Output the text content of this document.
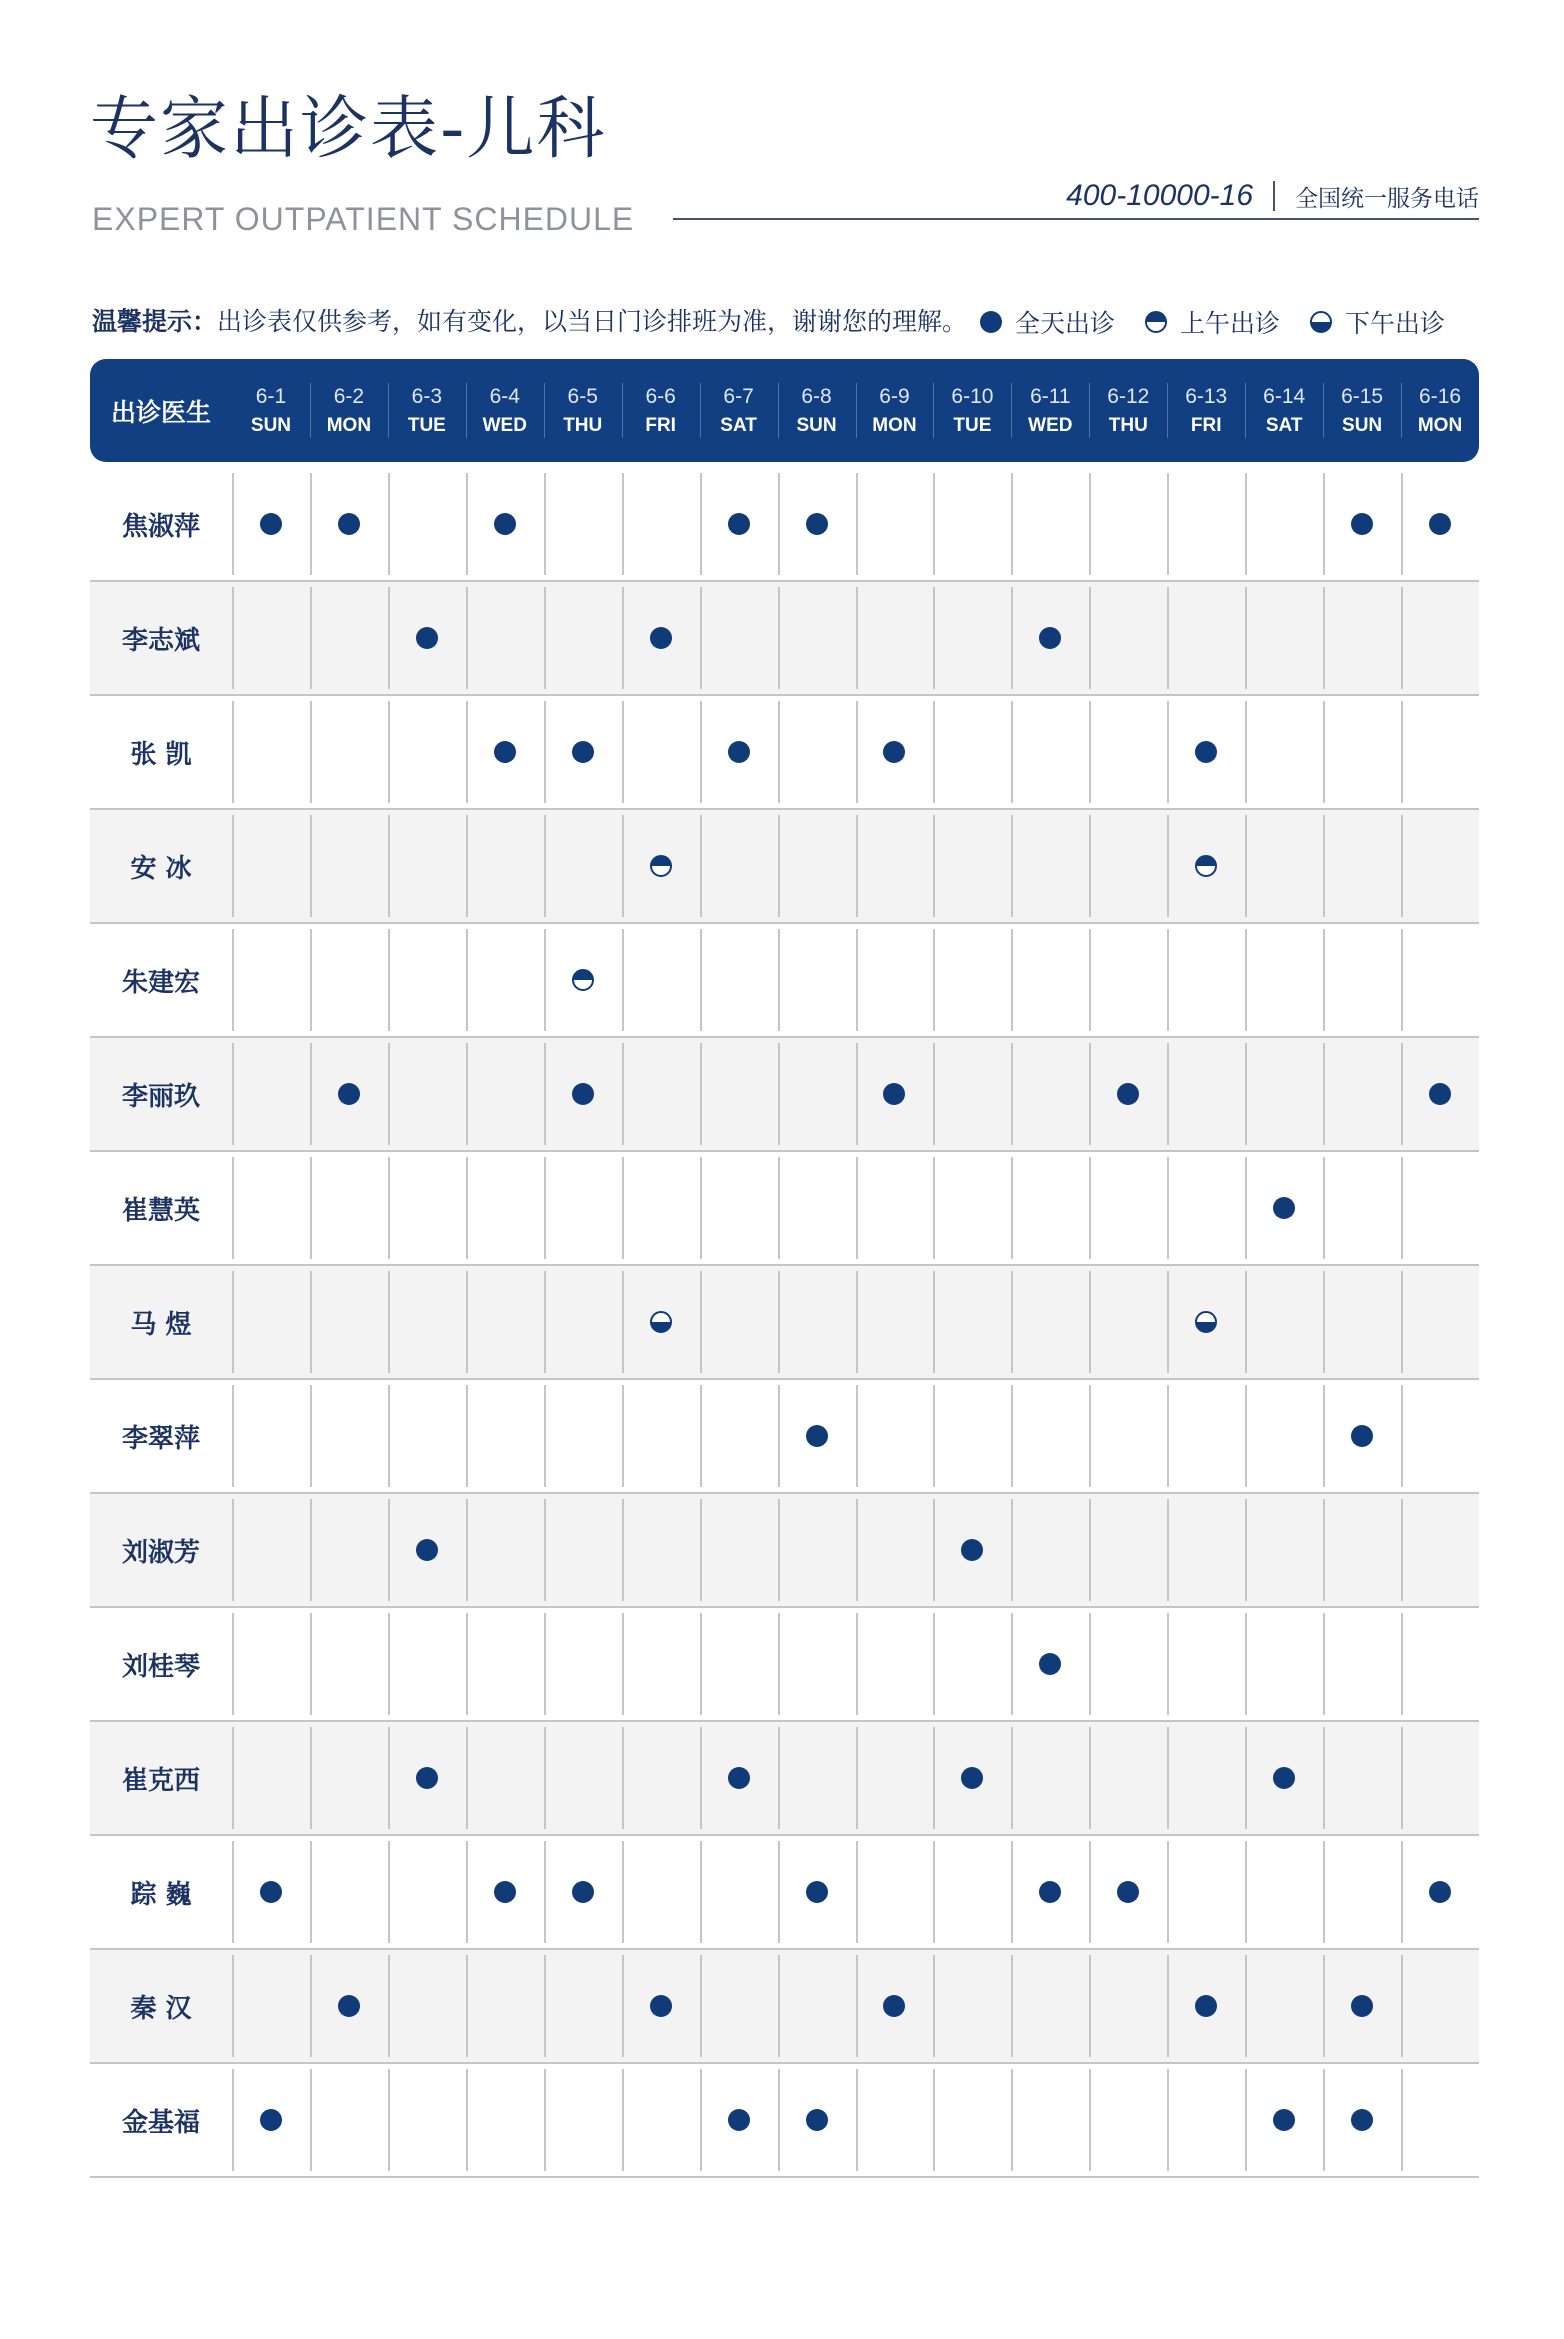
专家出诊表-儿科
EXPERT OUTPATIENT SCHEDULE
400-10000-16 全国统一服务电话
温馨提示：出诊表仅供参考，如有变化，以当日门诊排班为准，谢谢您的理解。 全天出诊	上午出诊	下午出诊
出诊医生
6-1
SUN
6-2
MON
6-3
TUE
6-4
WED
6-5
THU
6-6
FRI
6-7
SAT
6-8
SUN
6-9
MON
6-10
TUE
6-11
WED
6-12
THU
6-13
FRI
6-14
SAT
6-15
SUN
6-16
MON
焦淑萍
李志斌
张 凯
安 冰
朱建宏
李丽玖
崔慧英
马 煜
李翠萍
刘淑芳
刘桂琴
崔克西
踪 巍
秦 汉
金基福
